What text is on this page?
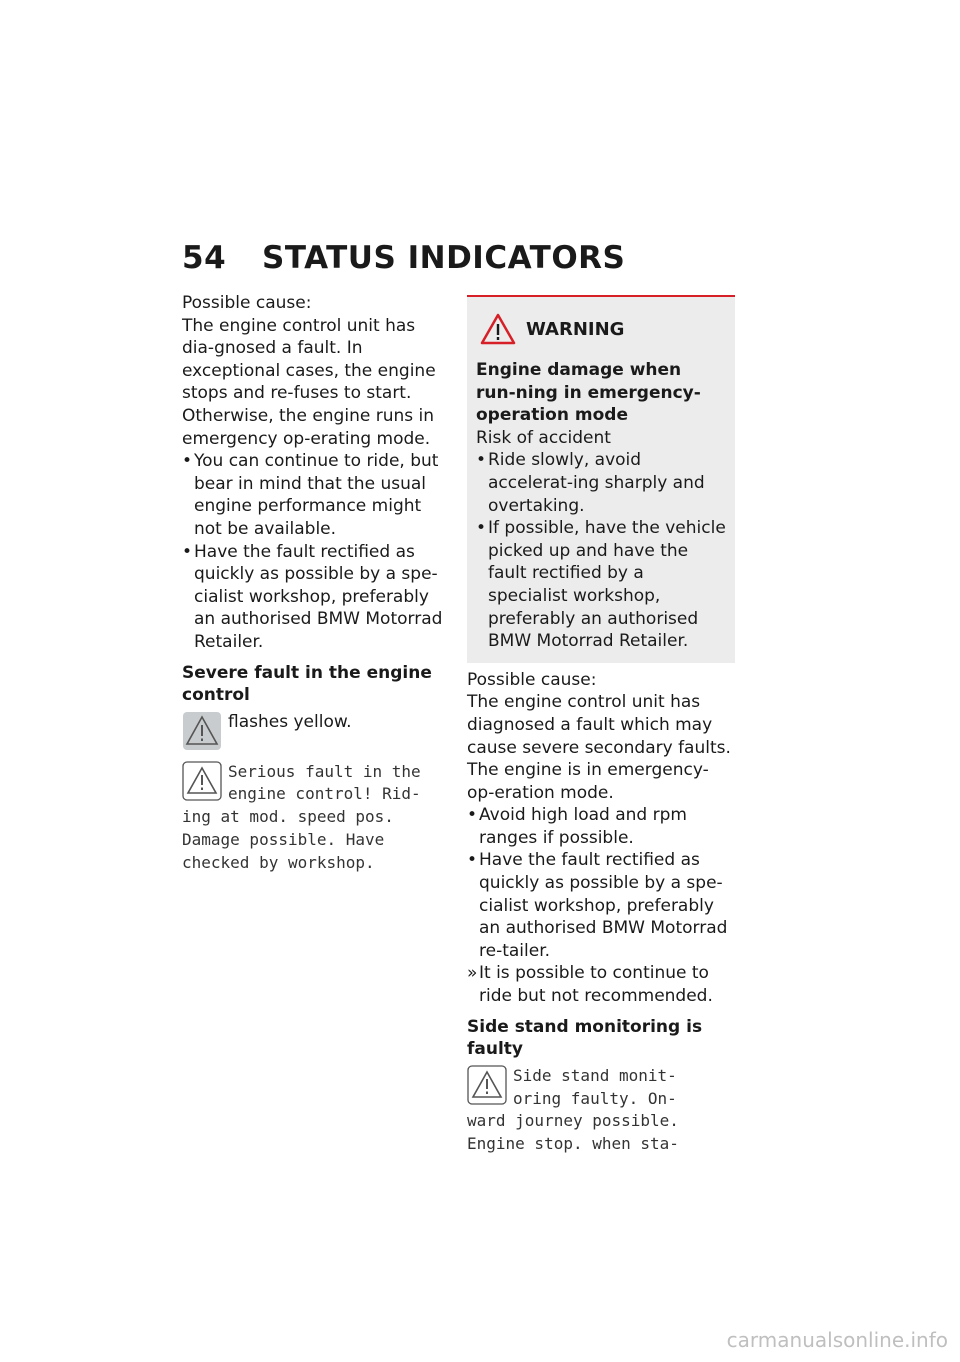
54 STATUS INDICATORS

Possible cause:

The engine control unit has dia-gnosed a fault. In exceptional cases, the engine stops and re-fuses to start. Otherwise, the engine runs in emergency op-erating mode.

• You can continue to ride, but bear in mind that the usual engine performance might not be available.
• Have the fault rectified as quickly as possible by a spe-cialist workshop, preferably an authorised BMW Motorrad Retailer.
Severe fault in the engine control
flashes yellow.
Serious fault in the
engine control! Rid-
ing at mod. speed pos.
Damage possible. Have
checked by workshop.
WARNING
Engine damage when run-ning in emergency-operation mode

Risk of accident

• Ride slowly, avoid accelerat-ing sharply and overtaking.
• If possible, have the vehicle picked up and have the fault rectified by a specialist workshop, preferably an authorised BMW Motorrad Retailer.

Possible cause:

The engine control unit has diagnosed a fault which may cause severe secondary faults. The engine is in emergency-op-eration mode.

• Avoid high load and rpm ranges if possible.
• Have the fault rectified as quickly as possible by a spe-cialist workshop, preferably an authorised BMW Motorrad re-tailer.
» It is possible to continue to ride but not recommended.
Side stand monitoring is faulty
Side stand monit-
oring faulty. On-
ward journey possible.
Engine stop. when sta-
carmanualsonline.info
